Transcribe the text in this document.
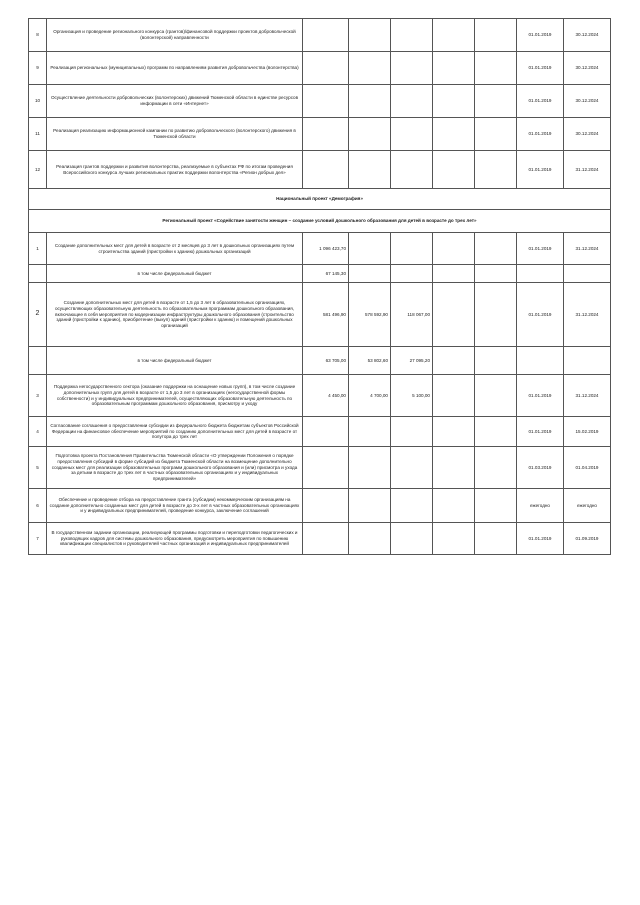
8	Организация и проведение регионального конкурса (грантов)/финансовой поддержки проектов добровольческой (волонтерской) направленности						01.01.2019	30.12.2024
9	Реализация региональных (муниципальных) программ по направлениям развития добровольчества (волонтерства)						01.01.2019	30.12.2024
10	Осуществление деятельности добровольческих (волонтерских) движений Тюменской области в единстве ресурсов информации в сети «Интернет»						01.01.2019	30.12.2024
11	Реализация реализацию информационной кампании по развитию добровольческого (волонтерского) движения в Тюменской области						01.01.2019	30.12.2024
12	Реализация грантов поддержки и развития волонтерства, реализуемые в субъектах РФ по итогам проведения Всероссийского конкурса лучших региональных практик поддержки волонтерства «Регион добрых дел»						01.01.2019	31.12.2024
Национальный проект «Демография»								
Региональный проект «Содействие занятости женщин – создание условий дошкольного образования для детей в возрасте до трех лет»								
1	Создание дополнительных мест для детей в возрасте от 2 месяцев до 3 лет в дошкольных организациях путем строительства зданий (пристройки к зданию) дошкольных организаций	1 096 423,70					01.01.2019	31.12.2024
	в том числе федеральный бюджет	67 145,30						
2	Создание дополнительных мест для детей в возрасте от 1,5 до 3 лет в образовательных организациях, осуществляющих образовательную деятельность по образовательным программам дошкольного образования, включающее в себя мероприятия по модернизации инфраструктуры дошкольного образования (строительство зданий (пристройки к зданию), приобретение (выкуп) зданий (пристройки к зданию) и помещений дошкольных организаций	581 496,90	578 592,90	118 067,00			01.01.2019	31.12.2024
	в том числе федеральный бюджет	63 705,00	53 802,60	27 095,20				
3	Поддержка негосударственного сектора (оказание поддержки на оснащение новых групп), в том числе создание дополнительных групп для детей в возрасте от 1,5 до 3 лет в организациях (негосударственной формы собственности) и у индивидуальных предпринимателей, осуществляющих образовательную деятельность по образовательным программам дошкольного образования, присмотру и уходу	4 450,00	4 700,00	5 100,00			01.01.2019	31.12.2024
4	Согласование соглашения о предоставлении субсидии из федерального бюджета бюджетам субъектов Российской Федерации на финансовое обеспечение мероприятий по созданию дополнительных мест для детей в возрасте от полутора до трех лет						01.01.2019	15.02.2019
5	Подготовка проекта Постановления Правительства Тюменской области «О утверждении Положения о порядке предоставления субсидий в форме субсидий из бюджета Тюменской области на возмещение дополнительно созданных мест для реализации образовательных программ дошкольного образования и (или) присмотра и ухода за детьми в возрасте до трех лет в частных образовательных организациях и у индивидуальных предпринимателей»						01.03.2019	01.04.2019
6	Обеспечение и проведение отбора на предоставление гранта (субсидии) некоммерческим организациям на создание дополнительно созданных мест для детей в возрасте до 3-х лет в частных образовательных организациях и у индивидуальных предпринимателей, проведение конкурса, заключение соглашений						ежегодно	ежегодно
7	В государственном задании организации, реализующей программы подготовки и переподготовки педагогических и руководящих кадров для системы дошкольного образования, предусмотреть мероприятия по повышению квалификации специалистов и руководителей частных организаций и индивидуальных предпринимателей						01.01.2019	01.09.2019
